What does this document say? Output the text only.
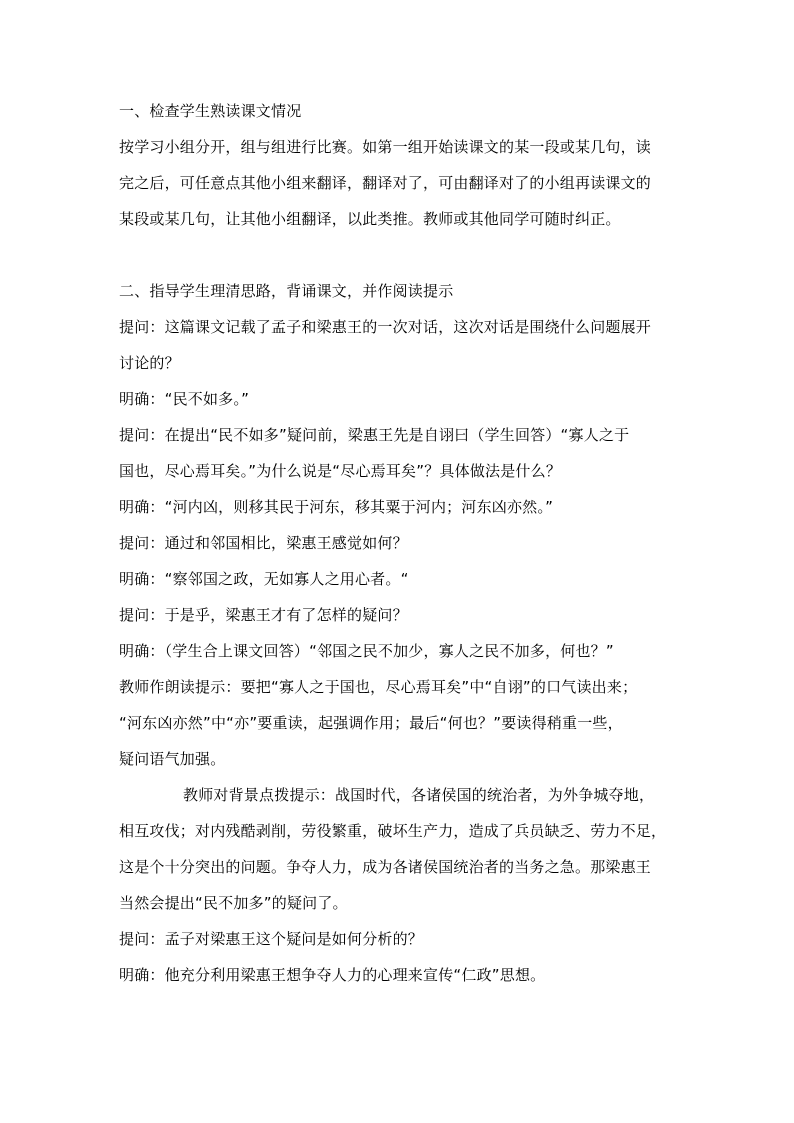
一、检查学生熟读课文情况
按学习小组分开，组与组进行比赛。如第一组开始读课文的某一段或某几句，读
完之后，可任意点其他小组来翻译，翻译对了，可由翻译对了的小组再读课文的
某段或某几句，让其他小组翻译，以此类推。教师或其他同学可随时纠正。
二、指导学生理清思路，背诵课文，并作阅读提示
提问：这篇课文记载了孟子和梁惠王的一次对话，这次对话是围绕什么问题展开
讨论的？
明确：“民不如多。”
提问：在提出“民不如多”疑问前，梁惠王先是自诩曰（学生回答）“寡人之于
国也，尽心焉耳矣。”为什么说是“尽心焉耳矣”？具体做法是什么？
明确：“河内凶，则移其民于河东，移其粟于河内；河东凶亦然。”
提问：通过和邻国相比，梁惠王感觉如何？
明确：“察邻国之政，无如寡人之用心者。“
提问：于是乎，梁惠王才有了怎样的疑问？
明确：（学生合上课文回答）“邻国之民不加少，寡人之民不加多，何也？”
教师作朗读提示：要把“寡人之于国也，尽心焉耳矣”中“自诩”的口气读出来；
“河东凶亦然”中“亦”要重读，起强调作用；最后“何也？”要读得稍重一些，
疑问语气加强。
教师对背景点拨提示：战国时代，各诸侯国的统治者，为外争城夺地，
相互攻伐；对内残酷剥削，劳役繁重，破坏生产力，造成了兵员缺乏、劳力不足，
这是个十分突出的问题。争夺人力，成为各诸侯国统治者的当务之急。那梁惠王
当然会提出“民不加多”的疑问了。
提问：孟子对梁惠王这个疑问是如何分析的？
明确：他充分利用梁惠王想争夺人力的心理来宣传“仁政”思想。
